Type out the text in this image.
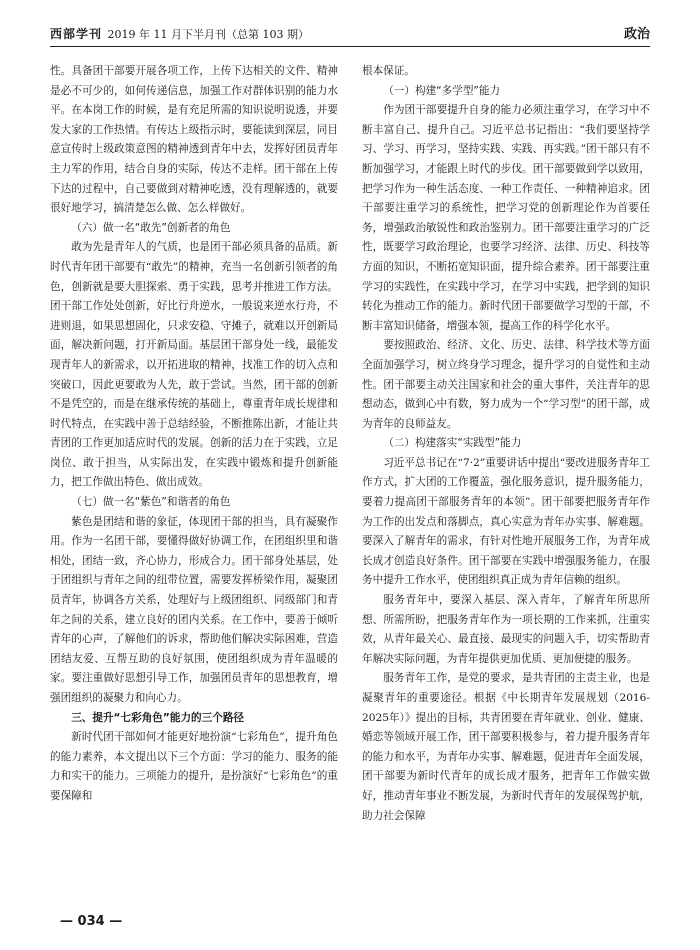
西部学刊 2019 年 11 月下半月刊（总第 103 期）	政治

性。具备团干部要开展各项工作，上传下达相关的文件、精神是必不可少的，如何传递信息，加强工作对群体识别的能力水平。在本岗工作的时候，是有充足所需的知识说明说透，并要发大家的工作热情。有传达上级指示时，要能读到深层，同目意宣传时上级政策意图的精神透到青年中去，发挥好团员青年主力军的作用，结合自身的实际，传达不走样。团干部在上传下达的过程中，自己要做到对精神吃透，没有理解透的，就要很好地学习，搞清楚怎么做、怎么样做好。

（六）做一名“敢先”创新者的角色

敢为先是青年人的气质，也是团干部必须具备的品质。新时代青年团干部要有“敢先”的精神，充当一名创新引领者的角色，创新就是要大胆探索、勇于实践，思考并推进工作方法。团干部工作处处创新，好比行舟逆水，一般说来逆水行舟，不进则退，如果思想固化，只求安稳、守摊子，就难以开创新局面，解决新问题，打开新局面。基层团干部身处一线，最能发现青年人的新需求，以开拓进取的精神，找准工作的切入点和突破口，因此更要敢为人先，敢于尝试。当然，团干部的创新不是凭空的，而是在继承传统的基础上，尊重青年成长规律和时代特点，在实践中善于总结经验，不断推陈出新，才能让共青团的工作更加适应时代的发展。创新的活力在于实践，立足岗位、敢于担当，从实际出发，在实践中锻炼和提升创新能力，把工作做出特色、做出成效。

（七）做一名“紫色”和谐者的角色

紫色是团结和谐的象征，体现团干部的担当，具有凝聚作用。作为一名团干部，要懂得做好协调工作，在团组织里和谐相处，团结一致，齐心协力，形成合力。团干部身处基层，处于团组织与青年之间的纽带位置，需要发挥桥梁作用，凝聚团员青年，协调各方关系，处理好与上级团组织、同级部门和青年之间的关系，建立良好的团内关系。在工作中，要善于倾听青年的心声，了解他们的诉求，帮助他们解决实际困难，营造团结友爱、互帮互助的良好氛围，使团组织成为青年温暖的家。要注重做好思想引导工作，加强团员青年的思想教育，增强团组织的凝聚力和向心力。

三、提升“七彩角色”能力的三个路径

新时代团干部如何才能更好地扮演“七彩角色”，提升角色的能力素养，本文提出以下三个方面：学习的能力、服务的能力和实干的能力。三项能力的提升，是扮演好“七彩角色”的重要保障和

根本保证。

（一）构建“多学型”能力

作为团干部要提升自身的能力必须注重学习，在学习中不断丰富自己、提升自己。习近平总书记指出：“我们要坚持学习、学习、再学习，坚持实践、实践、再实践。”团干部只有不断加强学习，才能跟上时代的步伐。团干部要做到学以致用，把学习作为一种生活态度、一种工作责任、一种精神追求。团干部要注重学习的系统性，把学习党的创新理论作为首要任务，增强政治敏锐性和政治鉴别力。团干部要注重学习的广泛性，既要学习政治理论，也要学习经济、法律、历史、科技等方面的知识，不断拓宽知识面，提升综合素养。团干部要注重学习的实践性，在实践中学习，在学习中实践，把学到的知识转化为推动工作的能力。新时代团干部要做学习型的干部，不断丰富知识储备，增强本领，提高工作的科学化水平。

要按照政治、经济、文化、历史、法律、科学技术等方面全面加强学习，树立终身学习理念，提升学习的自觉性和主动性。团干部要主动关注国家和社会的重大事件，关注青年的思想动态，做到心中有数，努力成为一个“学习型”的团干部，成为青年的良师益友。

（二）构建落实“实践型”能力

习近平总书记在“7·2”重要讲话中提出“要改进服务青年工作方式，扩大团的工作覆盖，强化服务意识，提升服务能力，要着力提高团干部服务青年的本领”。团干部要把服务青年作为工作的出发点和落脚点，真心实意为青年办实事、解难题。要深入了解青年的需求，有针对性地开展服务工作，为青年成长成才创造良好条件。团干部要在实践中增强服务能力，在服务中提升工作水平，使团组织真正成为青年信赖的组织。

服务青年中，要深入基层、深入青年，了解青年所思所想、所需所盼，把服务青年作为一项长期的工作来抓，注重实效，从青年最关心、最直接、最现实的问题入手，切实帮助青年解决实际问题，为青年提供更加优质、更加便捷的服务。

服务青年工作，是党的要求，是共青团的主责主业，也是凝聚青年的重要途径。根据《中长期青年发展规划（2016-2025年）》提出的目标，共青团要在青年就业、创业、健康、婚恋等领域开展工作，团干部要积极参与，着力提升服务青年的能力和水平，为青年办实事、解难题，促进青年全面发展，团干部要为新时代青年的成长成才服务，把青年工作做实做好，推动青年事业不断发展，为新时代青年的发展保驾护航，助力社会保障

— 034 —
